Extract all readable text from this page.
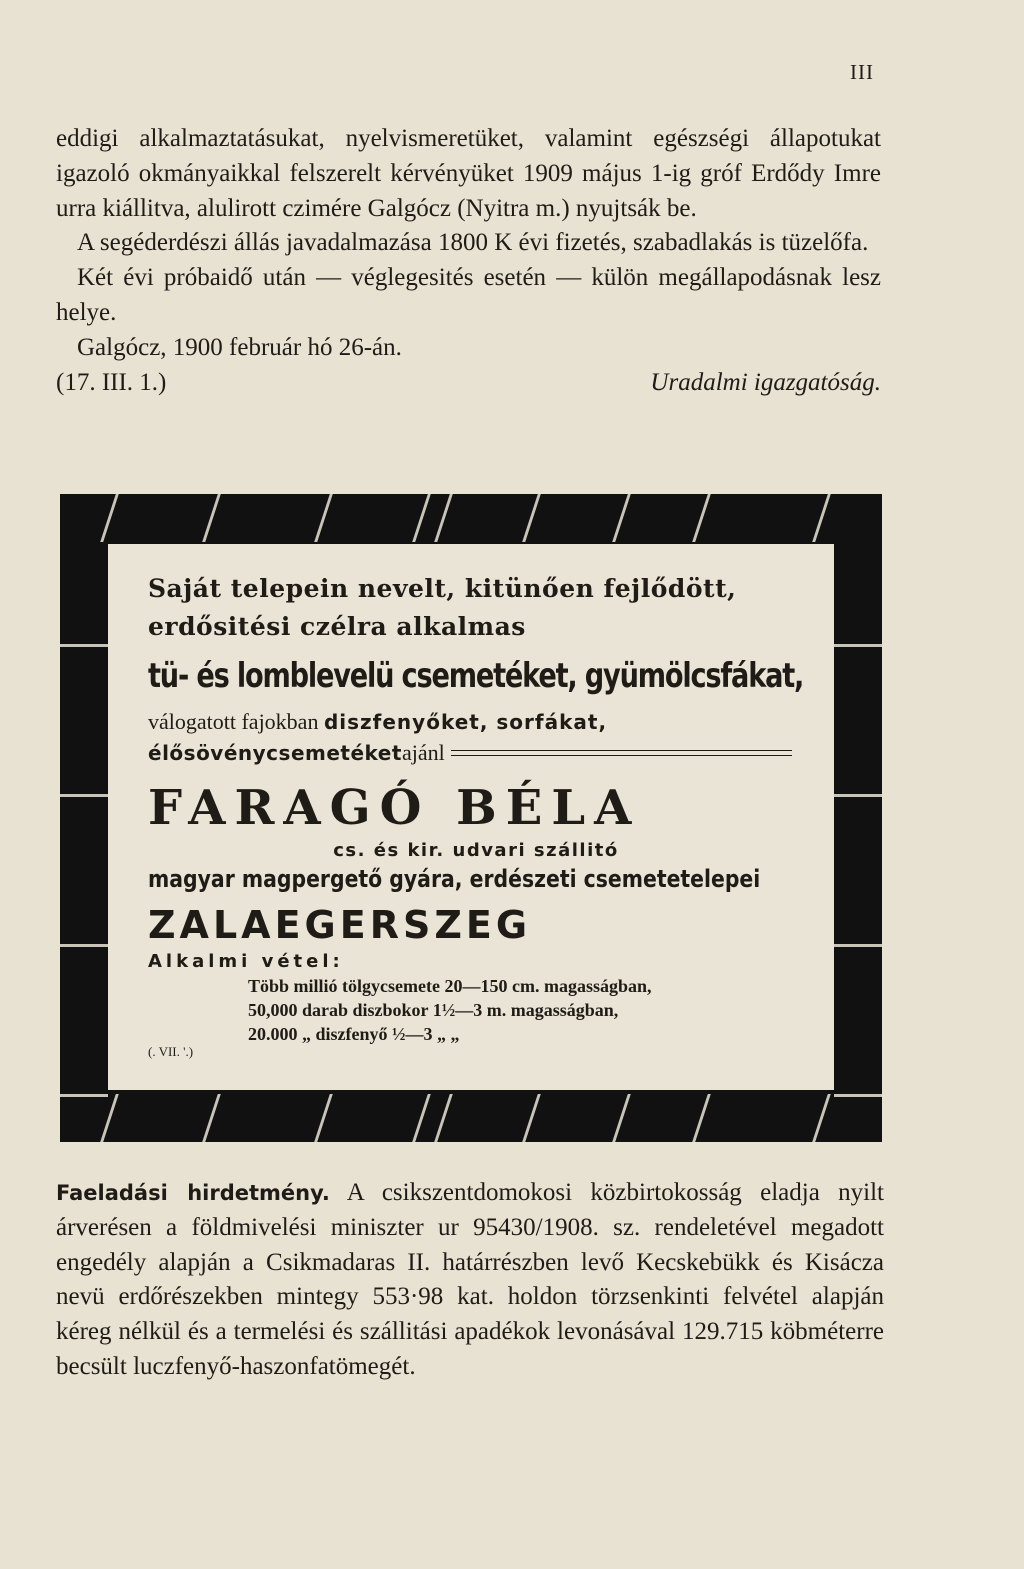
III

eddigi alkalmaztatásukat, nyelvismeretüket, valamint egészségi állapotukat igazoló okmányaikkal felszerelt kérvényüket 1909 május 1-ig gróf Erdődy Imre urra kiállitva, alulirott czimére Galgócz (Nyitra m.) nyujtsák be.

A segéderdészi állás javadalmazása 1800 K évi fizetés, szabadlakás is tüzelőfa.

Két évi próbaidő után — véglegesités esetén — külön megállapodásnak lesz helye.

Galgócz, 1900 február hó 26-án.

(17. III. 1.)	Uradalmi igazgatóság.
Saját telepein nevelt, kitünően fejlődött, erdősitési czélra alkalmas
tü- és lomblevelü csemetéket, gyümölcsfákat,
válogatott fajokban diszfenyőket, sorfákat,
élősövénycsemetéket ajánl
FARAGÓ BÉLA
cs. és kir. udvari szállitó
magyar magpergető gyára, erdészeti csemetetelepei
ZALAEGERSZEG
Alkalmi vétel:
Több millió tölgycsemete 20—150 cm. magasságban,
50,000 darab diszbokor 1½—3 m. magasságban,
20.000 „ diszfenyő ½—3 „ „
(. VII. '.)

Faeladási hirdetmény. A csikszentdomokosi közbirtokosság eladja nyilt árverésen a földmivelési miniszter ur 95430/1908. sz. rendeletével megadott engedély alapján a Csikmadaras II. határrészben levő Kecskebükk és Kisácza nevü erdőrészekben mintegy 553·98 kat. holdon törzsenkinti felvétel alapján kéreg nélkül és a termelési és szállitási apadékok levonásával 129.715 köbméterre becsült luczfenyő-haszonfatömegét.
